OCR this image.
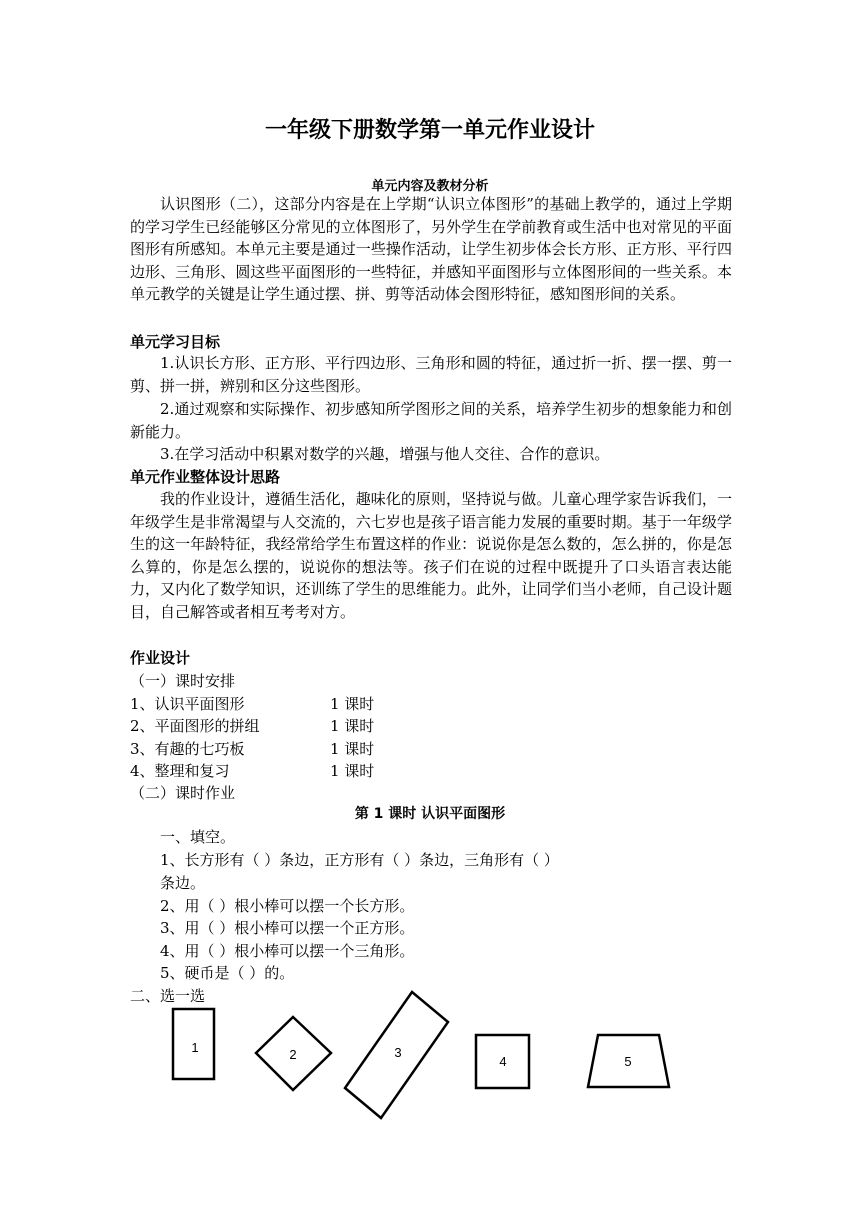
一年级下册数学第一单元作业设计
单元内容及教材分析
认识图形（二），这部分内容是在上学期“认识立体图形”的基础上教学的，通过上学期的学习学生已经能够区分常见的立体图形了，另外学生在学前教育或生活中也对常见的平面图形有所感知。本单元主要是通过一些操作活动，让学生初步体会长方形、正方形、平行四边形、三角形、圆这些平面图形的一些特征，并感知平面图形与立体图形间的一些关系。本单元教学的关键是让学生通过摆、拼、剪等活动体会图形特征，感知图形间的关系。
单元学习目标
1.认识长方形、正方形、平行四边形、三角形和圆的特征，通过折一折、摆一摆、剪一剪、拼一拼，辨别和区分这些图形。
2.通过观察和实际操作、初步感知所学图形之间的关系，培养学生初步的想象能力和创新能力。
3.在学习活动中积累对数学的兴趣，增强与他人交往、合作的意识。
单元作业整体设计思路
我的作业设计，遵循生活化，趣味化的原则，坚持说与做。儿童心理学家告诉我们，一年级学生是非常渴望与人交流的，六七岁也是孩子语言能力发展的重要时期。基于一年级学生的这一年龄特征，我经常给学生布置这样的作业：说说你是怎么数的，怎么拼的，你是怎么算的，你是怎么摆的，说说你的想法等。孩子们在说的过程中既提升了口头语言表达能力，又内化了数学知识，还训练了学生的思维能力。此外，让同学们当小老师，自己设计题目，自己解答或者相互考考对方。
作业设计
（一）课时安排
1、认识平面图形	1 课时
2、平面图形的拼组	1 课时
3、有趣的七巧板	1 课时
4、整理和复习	1 课时
（二）课时作业
第 1 课时 认识平面图形
一、填空。
1、长方形有（ ）条边，正方形有（ ）条边，三角形有（ ）
条边。
2、用（ ）根小棒可以摆一个长方形。
3、用（ ）根小棒可以摆一个正方形。
4、用（ ）根小棒可以摆一个三角形。
5、硬币是（ ）的。
二、选一选
1	2	3
4	5
